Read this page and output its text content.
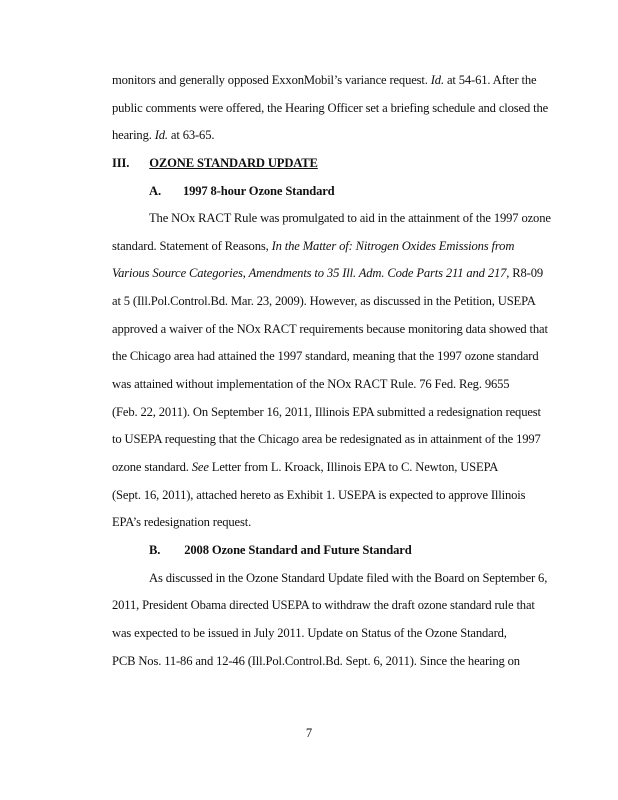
monitors and generally opposed ExxonMobil’s variance request. Id. at 54-61. After the
public comments were offered, the Hearing Officer set a briefing schedule and closed the
hearing. Id. at 63-65.
III. OZONE STANDARD UPDATE
A. 1997 8-hour Ozone Standard
The NOx RACT Rule was promulgated to aid in the attainment of the 1997 ozone
standard. Statement of Reasons, In the Matter of: Nitrogen Oxides Emissions from
Various Source Categories, Amendments to 35 Ill. Adm. Code Parts 211 and 217, R8-09
at 5 (Ill.Pol.Control.Bd. Mar. 23, 2009). However, as discussed in the Petition, USEPA
approved a waiver of the NOx RACT requirements because monitoring data showed that
the Chicago area had attained the 1997 standard, meaning that the 1997 ozone standard
was attained without implementation of the NOx RACT Rule. 76 Fed. Reg. 9655
(Feb. 22, 2011). On September 16, 2011, Illinois EPA submitted a redesignation request
to USEPA requesting that the Chicago area be redesignated as in attainment of the 1997
ozone standard. See Letter from L. Kroack, Illinois EPA to C. Newton, USEPA
(Sept. 16, 2011), attached hereto as Exhibit 1. USEPA is expected to approve Illinois
EPA’s redesignation request.
B. 2008 Ozone Standard and Future Standard
As discussed in the Ozone Standard Update filed with the Board on September 6,
2011, President Obama directed USEPA to withdraw the draft ozone standard rule that
was expected to be issued in July 2011. Update on Status of the Ozone Standard,
PCB Nos. 11-86 and 12-46 (Ill.Pol.Control.Bd. Sept. 6, 2011). Since the hearing on
7
